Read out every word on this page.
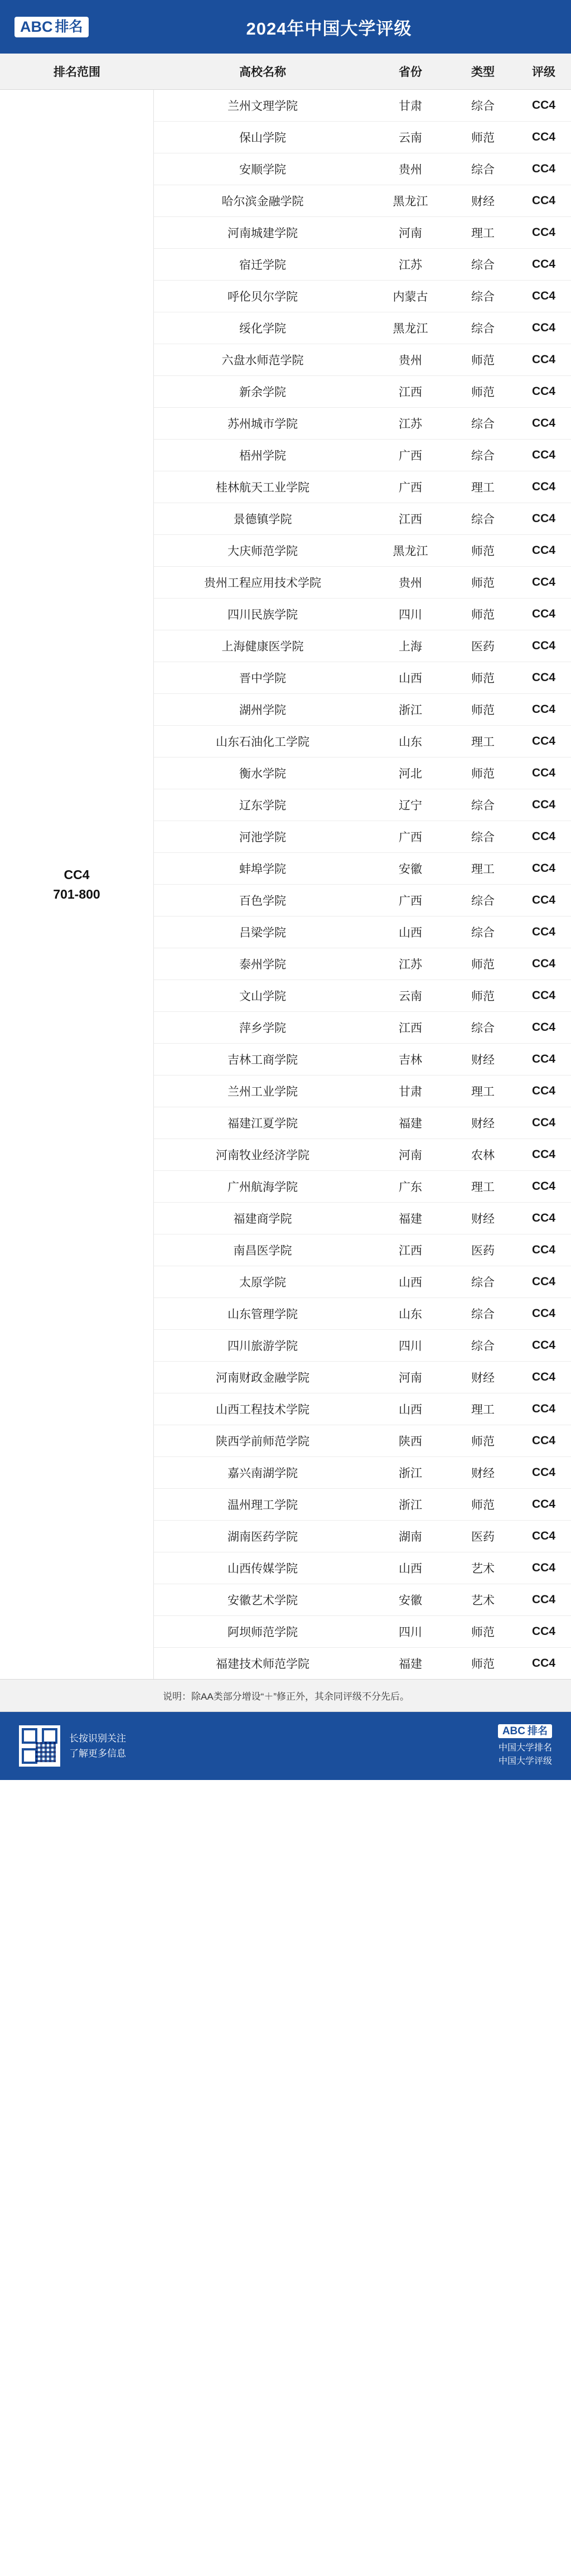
ABC 排名	2024年中国大学评级
排名范围	高校名称	省份	类型	评级
CC4
701-800
兰州文理学院	甘肃	综合	CC4
保山学院	云南	师范	CC4
安顺学院	贵州	综合	CC4
哈尔滨金融学院	黑龙江	财经	CC4
河南城建学院	河南	理工	CC4
宿迁学院	江苏	综合	CC4
呼伦贝尔学院	内蒙古	综合	CC4
绥化学院	黑龙江	综合	CC4
六盘水师范学院	贵州	师范	CC4
新余学院	江西	师范	CC4
苏州城市学院	江苏	综合	CC4
梧州学院	广西	综合	CC4
桂林航天工业学院	广西	理工	CC4
景德镇学院	江西	综合	CC4
大庆师范学院	黑龙江	师范	CC4
贵州工程应用技术学院	贵州	师范	CC4
四川民族学院	四川	师范	CC4
上海健康医学院	上海	医药	CC4
晋中学院	山西	师范	CC4
湖州学院	浙江	师范	CC4
山东石油化工学院	山东	理工	CC4
衡水学院	河北	师范	CC4
辽东学院	辽宁	综合	CC4
河池学院	广西	综合	CC4
蚌埠学院	安徽	理工	CC4
百色学院	广西	综合	CC4
吕梁学院	山西	综合	CC4
泰州学院	江苏	师范	CC4
文山学院	云南	师范	CC4
萍乡学院	江西	综合	CC4
吉林工商学院	吉林	财经	CC4
兰州工业学院	甘肃	理工	CC4
福建江夏学院	福建	财经	CC4
河南牧业经济学院	河南	农林	CC4
广州航海学院	广东	理工	CC4
福建商学院	福建	财经	CC4
南昌医学院	江西	医药	CC4
太原学院	山西	综合	CC4
山东管理学院	山东	综合	CC4
四川旅游学院	四川	综合	CC4
河南财政金融学院	河南	财经	CC4
山西工程技术学院	山西	理工	CC4
陕西学前师范学院	陕西	师范	CC4
嘉兴南湖学院	浙江	财经	CC4
温州理工学院	浙江	师范	CC4
湖南医药学院	湖南	医药	CC4
山西传媒学院	山西	艺术	CC4
安徽艺术学院	安徽	艺术	CC4
阿坝师范学院	四川	师范	CC4
福建技术师范学院	福建	师范	CC4
说明：除AA类部分增设“＋”修正外，其余同评级不分先后。
长按识别关注
了解更多信息
ABC 排名
中国大学排名
中国大学评级
